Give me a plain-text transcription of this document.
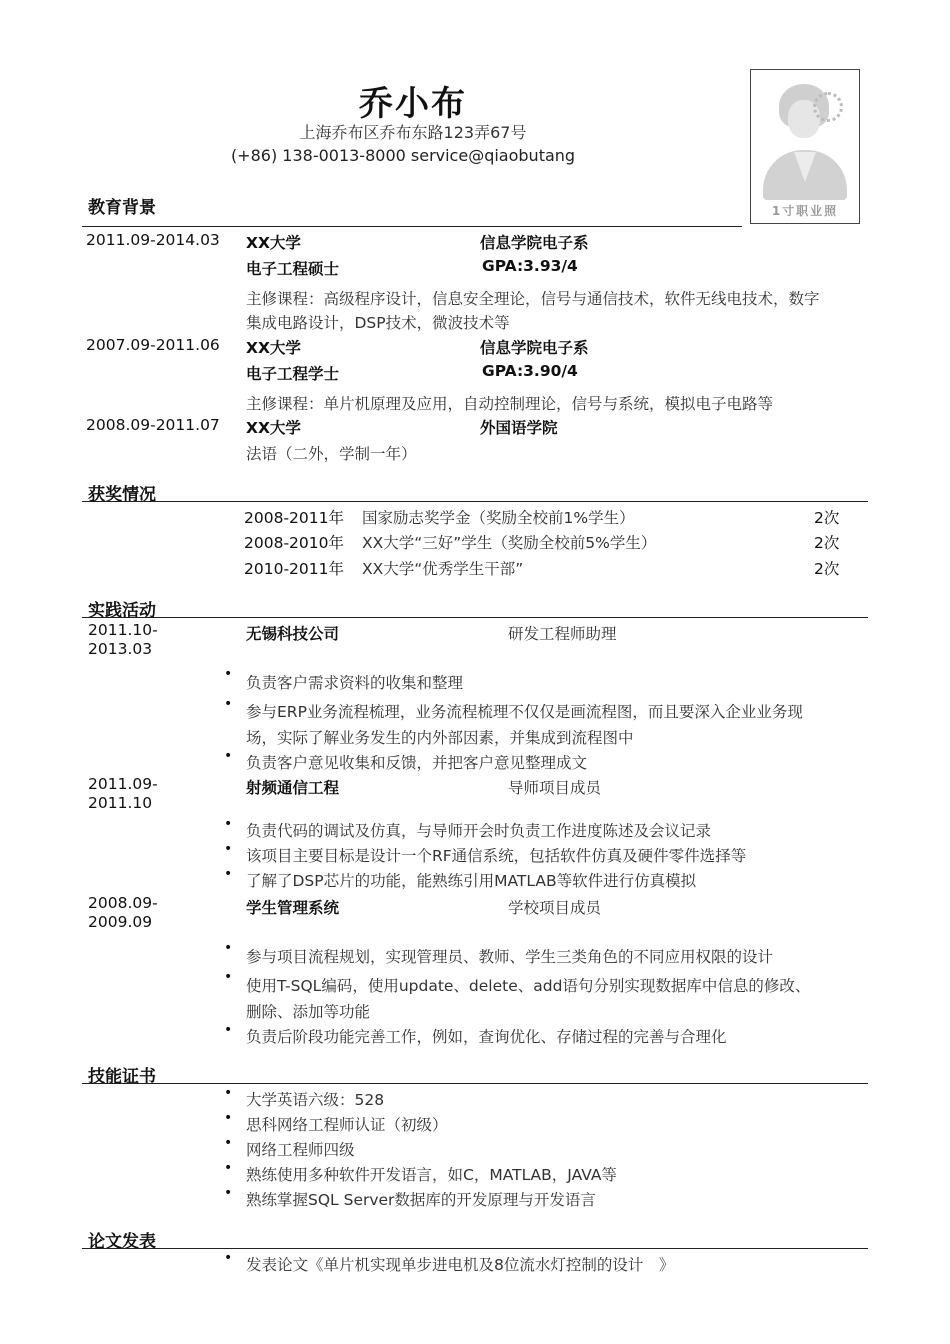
乔小布
上海乔布区乔布东路123弄67号
(+86) 138-0013-8000 service@qiaobutang
1寸职业照
教育背景
2011.09-2014.03 XX大学	信息学院电子系
电子工程硕士	GPA:3.93/4
主修课程：高级程序设计，信息安全理论，信号与通信技术，软件无线电技术，数字
集成电路设计，DSP技术，微波技术等
2007.09-2011.06 XX大学	信息学院电子系
电子工程学士	GPA:3.90/4
主修课程：单片机原理及应用，自动控制理论，信号与系统，模拟电子电路等
2008.09-2011.07 XX大学	外国语学院
法语（二外，学制一年）
获奖情况
2008-2011年 国家励志奖学金（奖励全校前1%学生）	2次
2008-2010年 XX大学“三好”学生（奖励全校前5%学生）	2次
2010-2011年 XX大学“优秀学生干部”	2次
实践活动
2011.10-
2013.03
无锡科技公司	研发工程师助理
• 负责客户需求资料的收集和整理
• 参与ERP业务流程梳理，业务流程梳理不仅仅是画流程图，而且要深入企业业务现
场，实际了解业务发生的内外部因素，并集成到流程图中
• 负责客户意见收集和反馈，并把客户意见整理成文
2011.09-
2011.10
射频通信工程	导师项目成员
• 负责代码的调试及仿真，与导师开会时负责工作进度陈述及会议记录
• 该项目主要目标是设计一个RF通信系统，包括软件仿真及硬件零件选择等
• 了解了DSP芯片的功能，能熟练引用MATLAB等软件进行仿真模拟
2008.09-
2009.09
学生管理系统	学校项目成员
• 参与项目流程规划，实现管理员、教师、学生三类角色的不同应用权限的设计
• 使用T-SQL编码，使用update、delete、add语句分别实现数据库中信息的修改、
删除、添加等功能
• 负责后阶段功能完善工作，例如，查询优化、存储过程的完善与合理化
技能证书
• 大学英语六级：528
• 思科网络工程师认证（初级）
• 网络工程师四级
• 熟练使用多种软件开发语言，如C，MATLAB，JAVA等
• 熟练掌握SQL Server数据库的开发原理与开发语言
论文发表
• 发表论文《单片机实现单步进电机及8位流水灯控制的设计　》
